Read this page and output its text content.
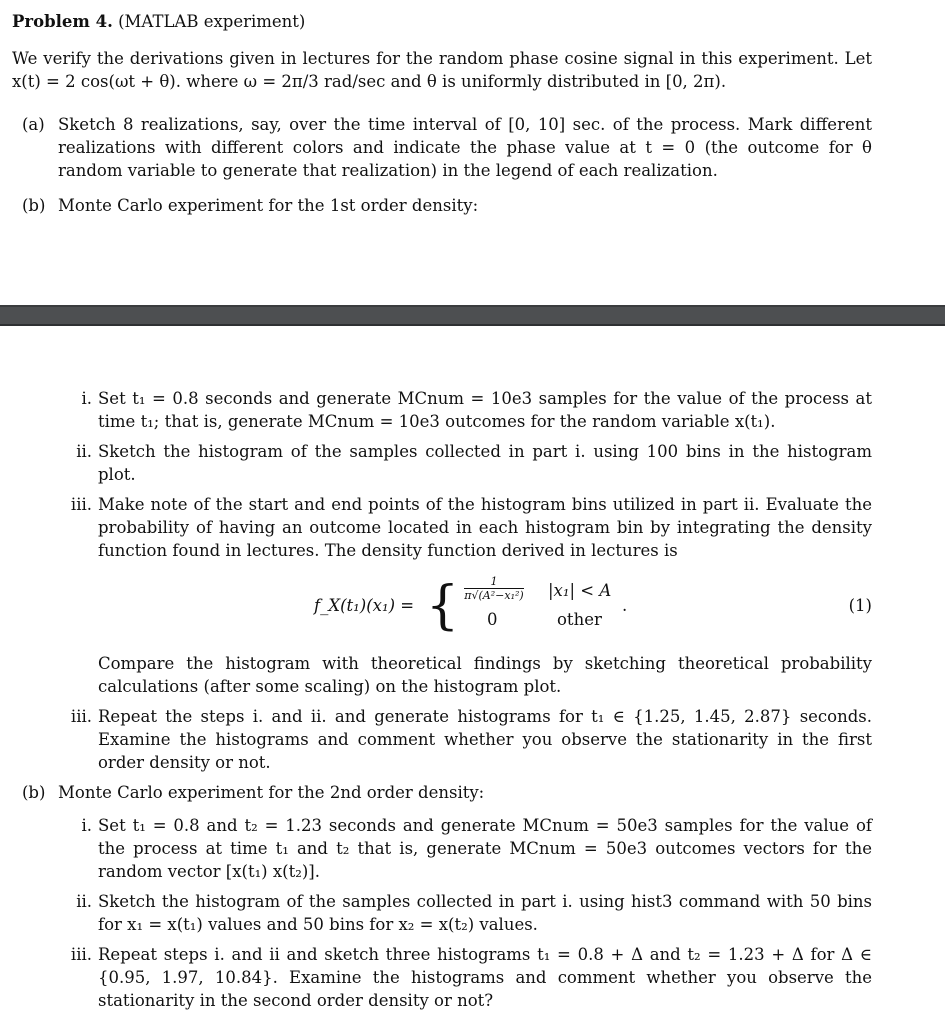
Problem 4. (MATLAB experiment)

We verify the derivations given in lectures for the random phase cosine signal in this experiment. Let x(t) = 2 cos(ωt + θ). where ω = 2π/3 rad/sec and θ is uniformly distributed in [0, 2π).

(a) Sketch 8 realizations, say, over the time interval of [0, 10] sec. of the process. Mark different realizations with different colors and indicate the phase value at t = 0 (the outcome for θ random variable to generate that realization) in the legend of each realization.
(b) Monte Carlo experiment for the 1st order density:
i. Set t₁ = 0.8 seconds and generate MCnum = 10e3 samples for the value of the process at time t₁; that is, generate MCnum = 10e3 outcomes for the random variable x(t₁).
ii. Sketch the histogram of the samples collected in part i. using 100 bins in the histogram plot.
iii. Make note of the start and end points of the histogram bins utilized in part ii. Evaluate the probability of having an outcome located in each histogram bin by integrating the density function found in lectures. The density function derived in lectures is
f_X(t₁)(x₁) = { $\frac{1}{\text{π√(A²−x₁²)}}$
0
|x₁| < A
other
.	(1)

Compare the histogram with theoretical findings by sketching theoretical probability calculations (after some scaling) on the histogram plot.

iii. Repeat the steps i. and ii. and generate histograms for t₁ ∈ {1.25, 1.45, 2.87} seconds. Examine the histograms and comment whether you observe the stationarity in the first order density or not.
(b) Monte Carlo experiment for the 2nd order density:
i. Set t₁ = 0.8 and t₂ = 1.23 seconds and generate MCnum = 50e3 samples for the value of the process at time t₁ and t₂ that is, generate MCnum = 50e3 outcomes vectors for the random vector [x(t₁) x(t₂)].
ii. Sketch the histogram of the samples collected in part i. using hist3 command with 50 bins for x₁ = x(t₁) values and 50 bins for x₂ = x(t₂) values.
iii. Repeat steps i. and ii and sketch three histograms t₁ = 0.8 + Δ and t₂ = 1.23 + Δ for Δ ∈ {0.95, 1.97, 10.84}. Examine the histograms and comment whether you observe the stationarity in the second order density or not?
